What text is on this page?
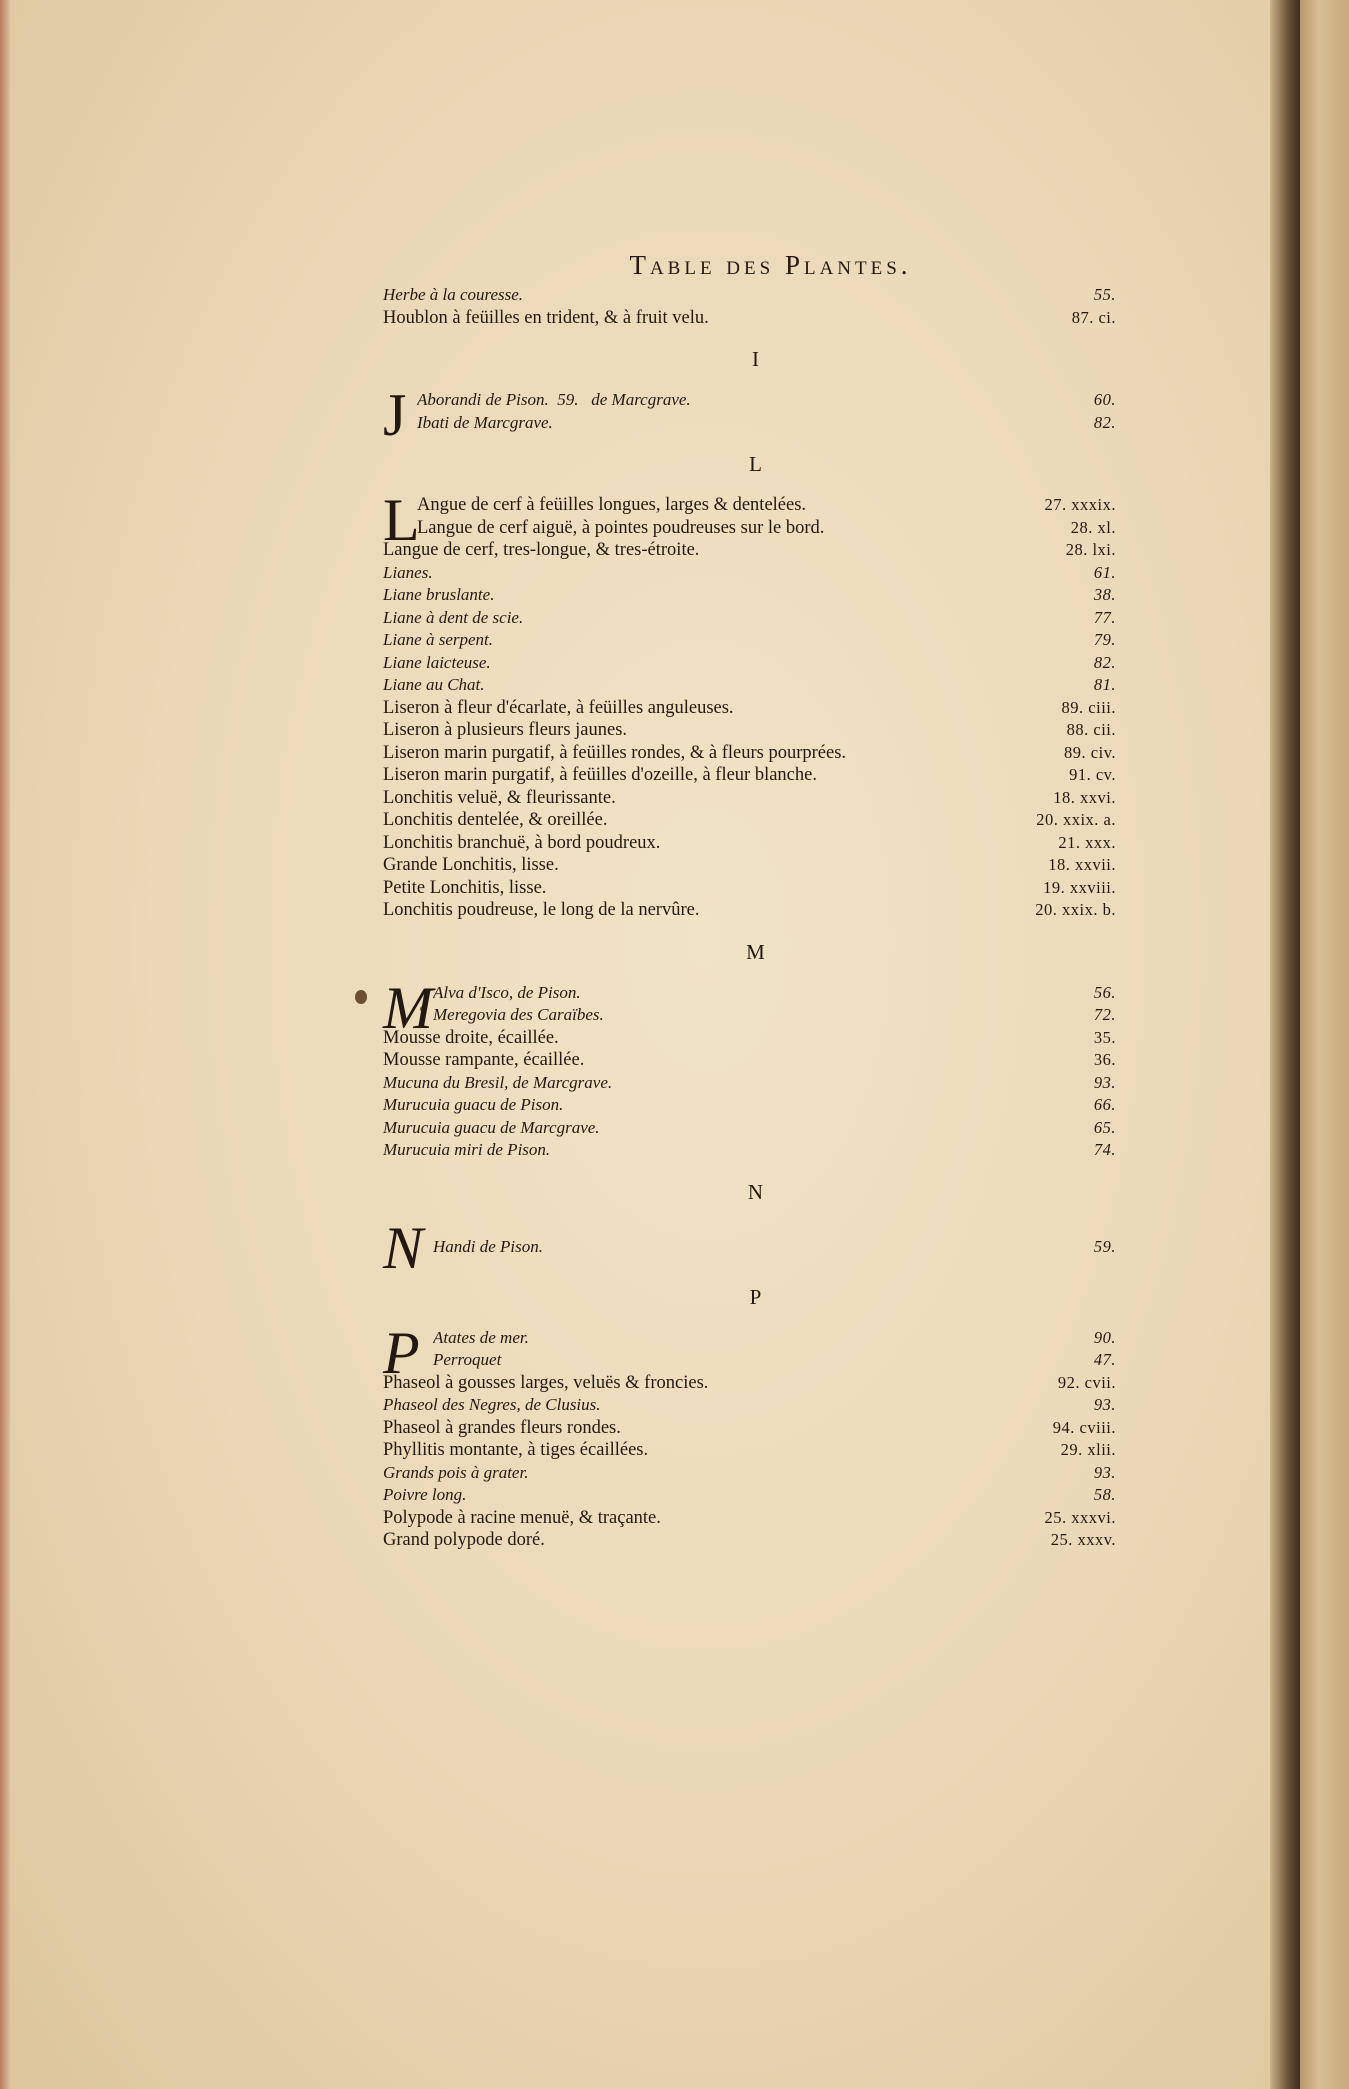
Table des Plantes.
Herbe à la couresse.	55.
Houblon à feüilles en trident, & à fruit velu.	87. ci.
I
J Aborandi de Pison.  59.   de Marcgrave.	60.
Ibati de Marcgrave.	82.
L
L
Angue de cerf à feüilles longues, larges & dentelées.	27. xxxix.
Langue de cerf aiguë, à pointes poudreuses sur le bord.	28. xl.
Langue de cerf, tres-longue, & tres-étroite.	28. lxi.
Lianes.	61.
Liane bruslante.	38.
Liane à dent de scie.	77.
Liane à serpent.	79.
Liane laicteuse.	82.
Liane au Chat.	81.
Liseron à fleur d'écarlate, à feüilles anguleuses.	89. ciii.
Liseron à plusieurs fleurs jaunes.	88. cii.
Liseron marin purgatif, à feüilles rondes, & à fleurs pourprées.	89. civ.
Liseron marin purgatif, à feüilles d'ozeille, à fleur blanche.	91. cv.
Lonchitis veluë, & fleurissante.	18. xxvi.
Lonchitis dentelée, & oreillée.	20. xxix. a.
Lonchitis branchuë, à bord poudreux.	21. xxx.
Grande Lonchitis, lisse.	18. xxvii.
Petite Lonchitis, lisse.	19. xxviii.
Lonchitis poudreuse, le long de la nervûre.	20. xxix. b.
M
M Alva d'Isco, de Pison.	56.
Meregovia des Caraïbes.	72.
Mousse droite, écaillée.	35.
Mousse rampante, écaillée.	36.
Mucuna du Bresil, de Marcgrave.	93.
Murucuia guacu de Pison.	66.
Murucuia guacu de Marcgrave.	65.
Murucuia miri de Pison.	74.
N
N Handi de Pison.	59.
P
P Atates de mer.	90.
Perroquet	47.
Phaseol à gousses larges, veluës & froncies.	92. cvii.
Phaseol des Negres, de Clusius.	93.
Phaseol à grandes fleurs rondes.	94. cviii.
Phyllitis montante, à tiges écaillées.	29. xlii.
Grands pois à grater.	93.
Poivre long.	58.
Polypode à racine menuë, & traçante.	25. xxxvi.
Grand polypode doré.	25. xxxv.
